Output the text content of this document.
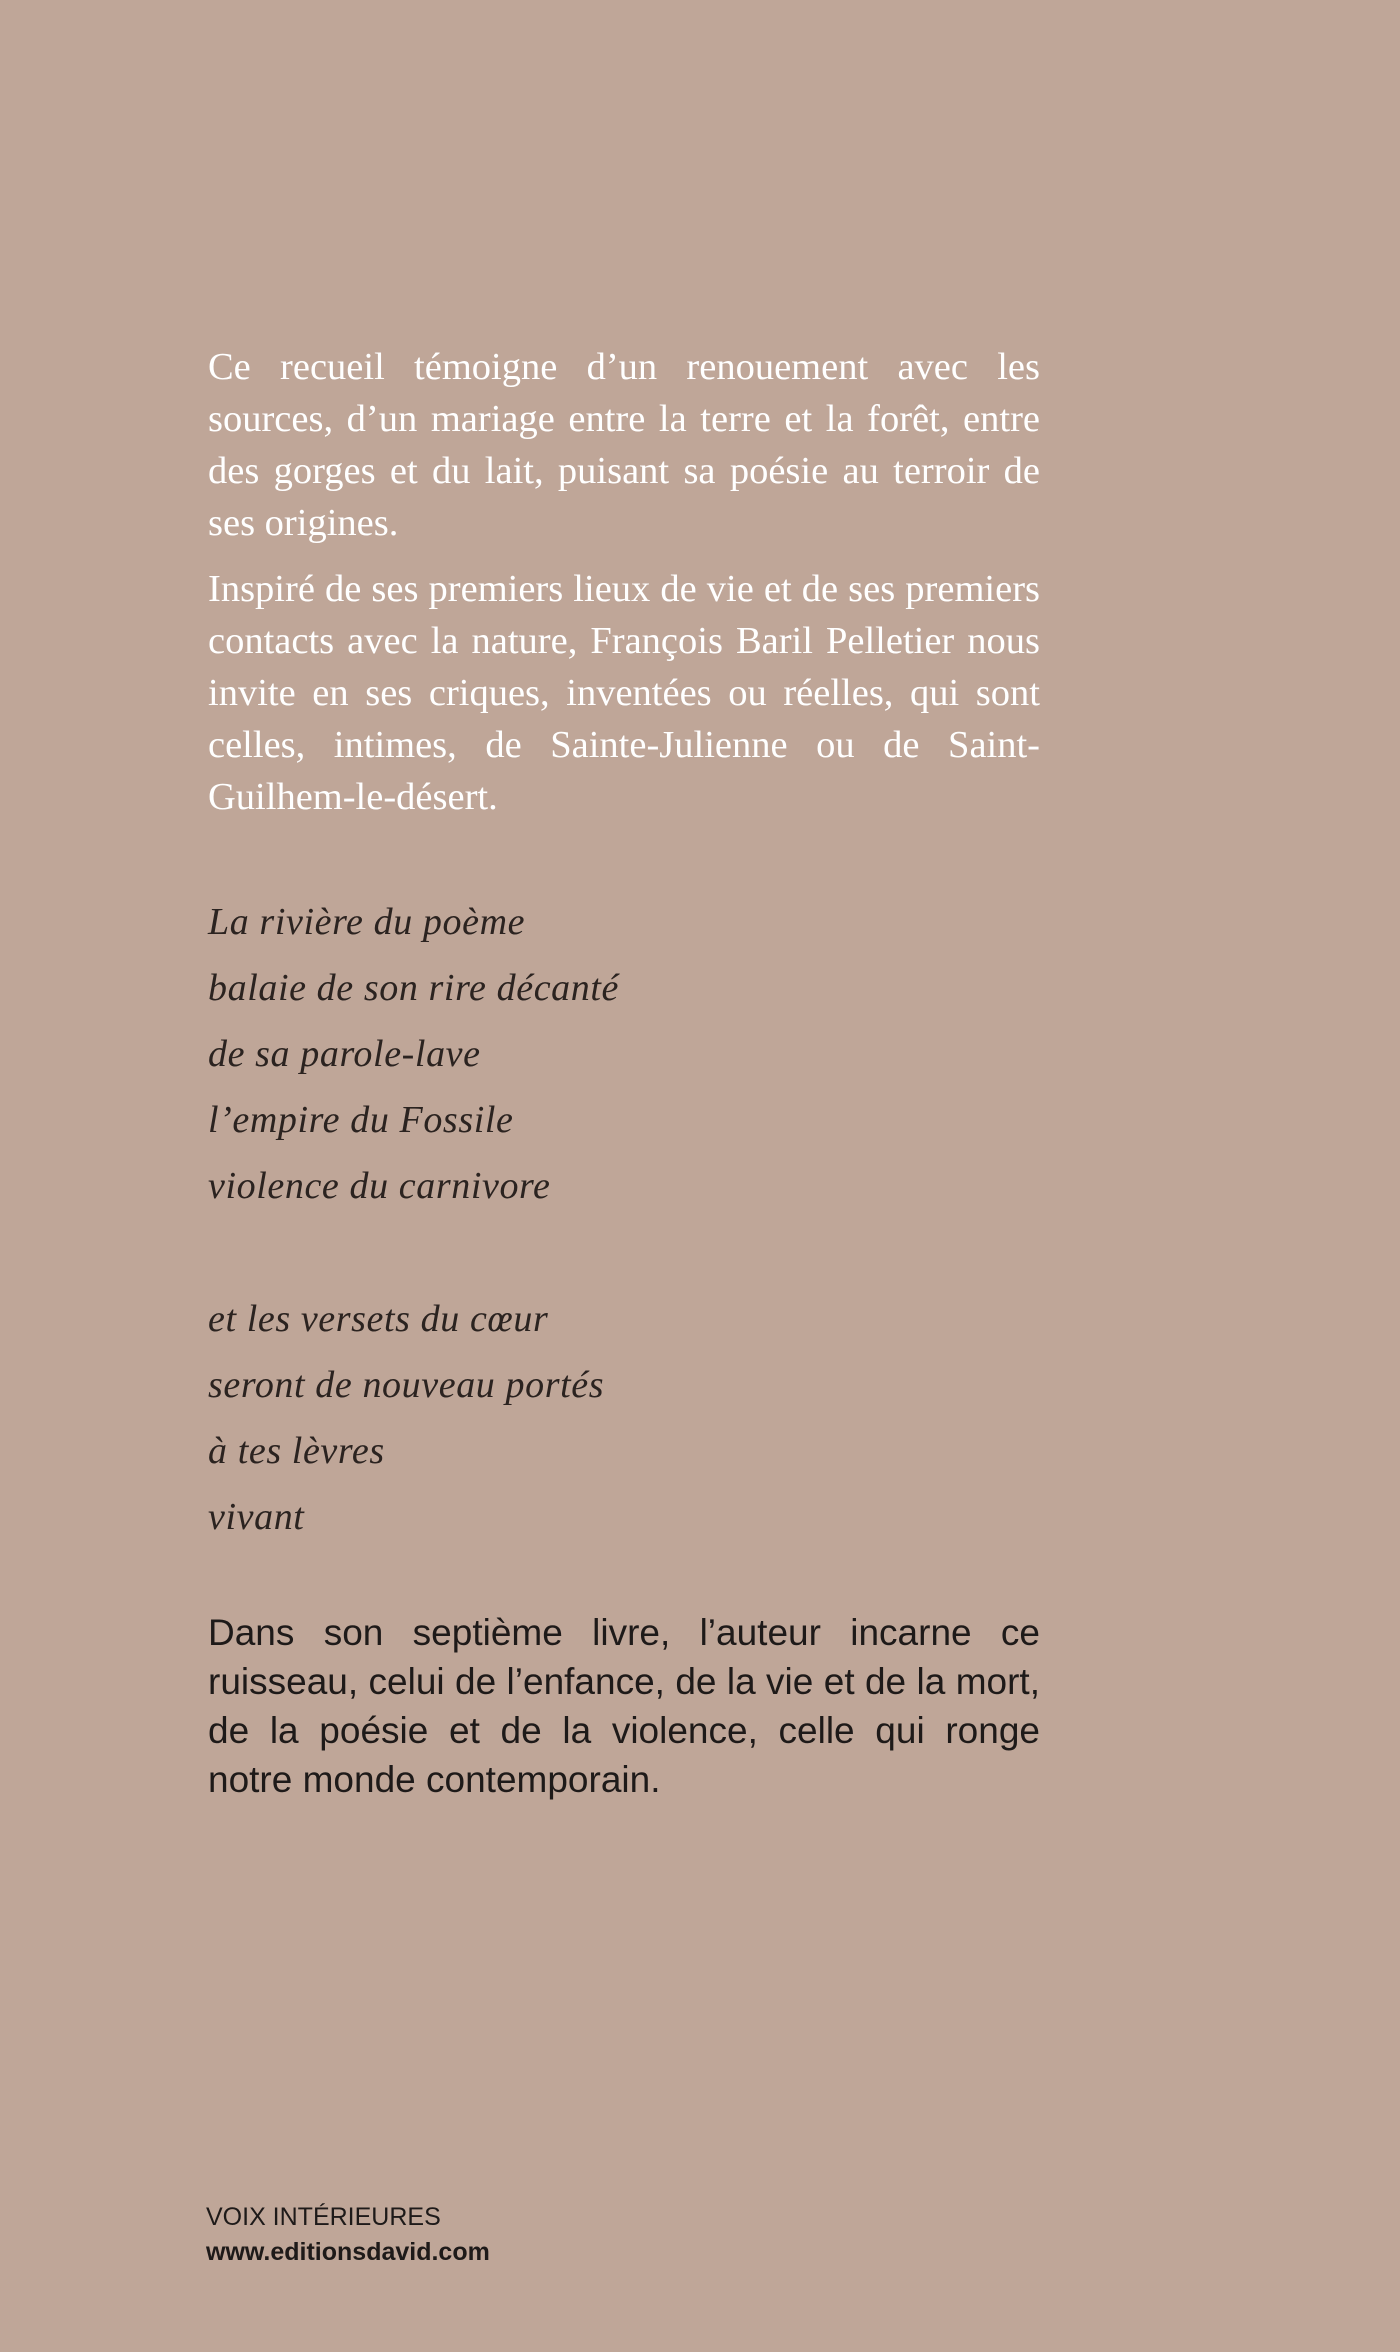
Ce recueil témoigne d’un renouement avec les sources, d’un mariage entre la terre et la forêt, entre des gorges et du lait, puisant sa poésie au terroir de ses origines.

Inspiré de ses premiers lieux de vie et de ses premiers contacts avec la nature, François Baril Pelletier nous invite en ses criques, inventées ou réelles, qui sont celles, intimes, de Sainte-Julienne ou de Saint-Guilhem-le-désert.

La rivière du poème
balaie de son rire décanté
de sa parole-lave
l’empire du Fossile
violence du carnivore
et les versets du cœur
seront de nouveau portés
à tes lèvres
vivant

Dans son septième livre, l’auteur incarne ce ruisseau, celui de l’enfance, de la vie et de la mort, de la poésie et de la violence, celle qui ronge notre monde contemporain.

VOIX INTÉRIEURES
www.editionsdavid.com
